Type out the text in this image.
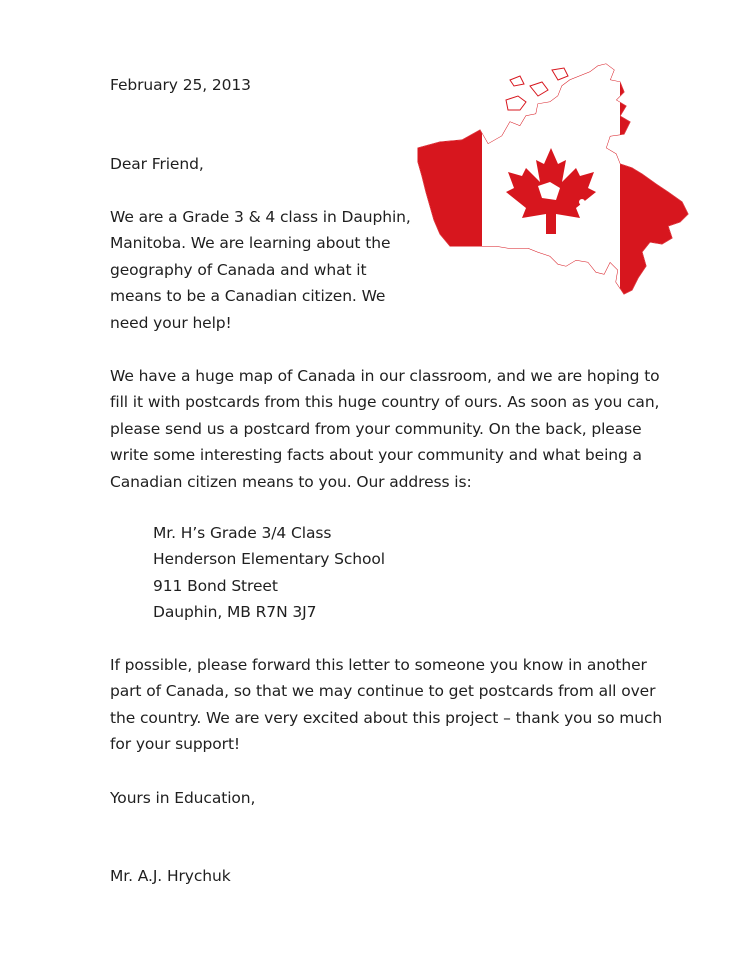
February 25, 2013
Dear Friend,
We are a Grade 3 & 4 class in Dauphin,
Manitoba. We are learning about the
geography of Canada and what it
means to be a Canadian citizen. We
need your help!
We have a huge map of Canada in our classroom, and we are hoping to
fill it with postcards from this huge country of ours. As soon as you can,
please send us a postcard from your community. On the back, please
write some interesting facts about your community and what being a
Canadian citizen means to you. Our address is:
Mr. H’s Grade 3/4 Class
Henderson Elementary School
911 Bond Street
Dauphin, MB R7N 3J7
If possible, please forward this letter to someone you know in another
part of Canada, so that we may continue to get postcards from all over
the country. We are very excited about this project – thank you so much
for your support!
Yours in Education,
Mr. A.J. Hrychuk
